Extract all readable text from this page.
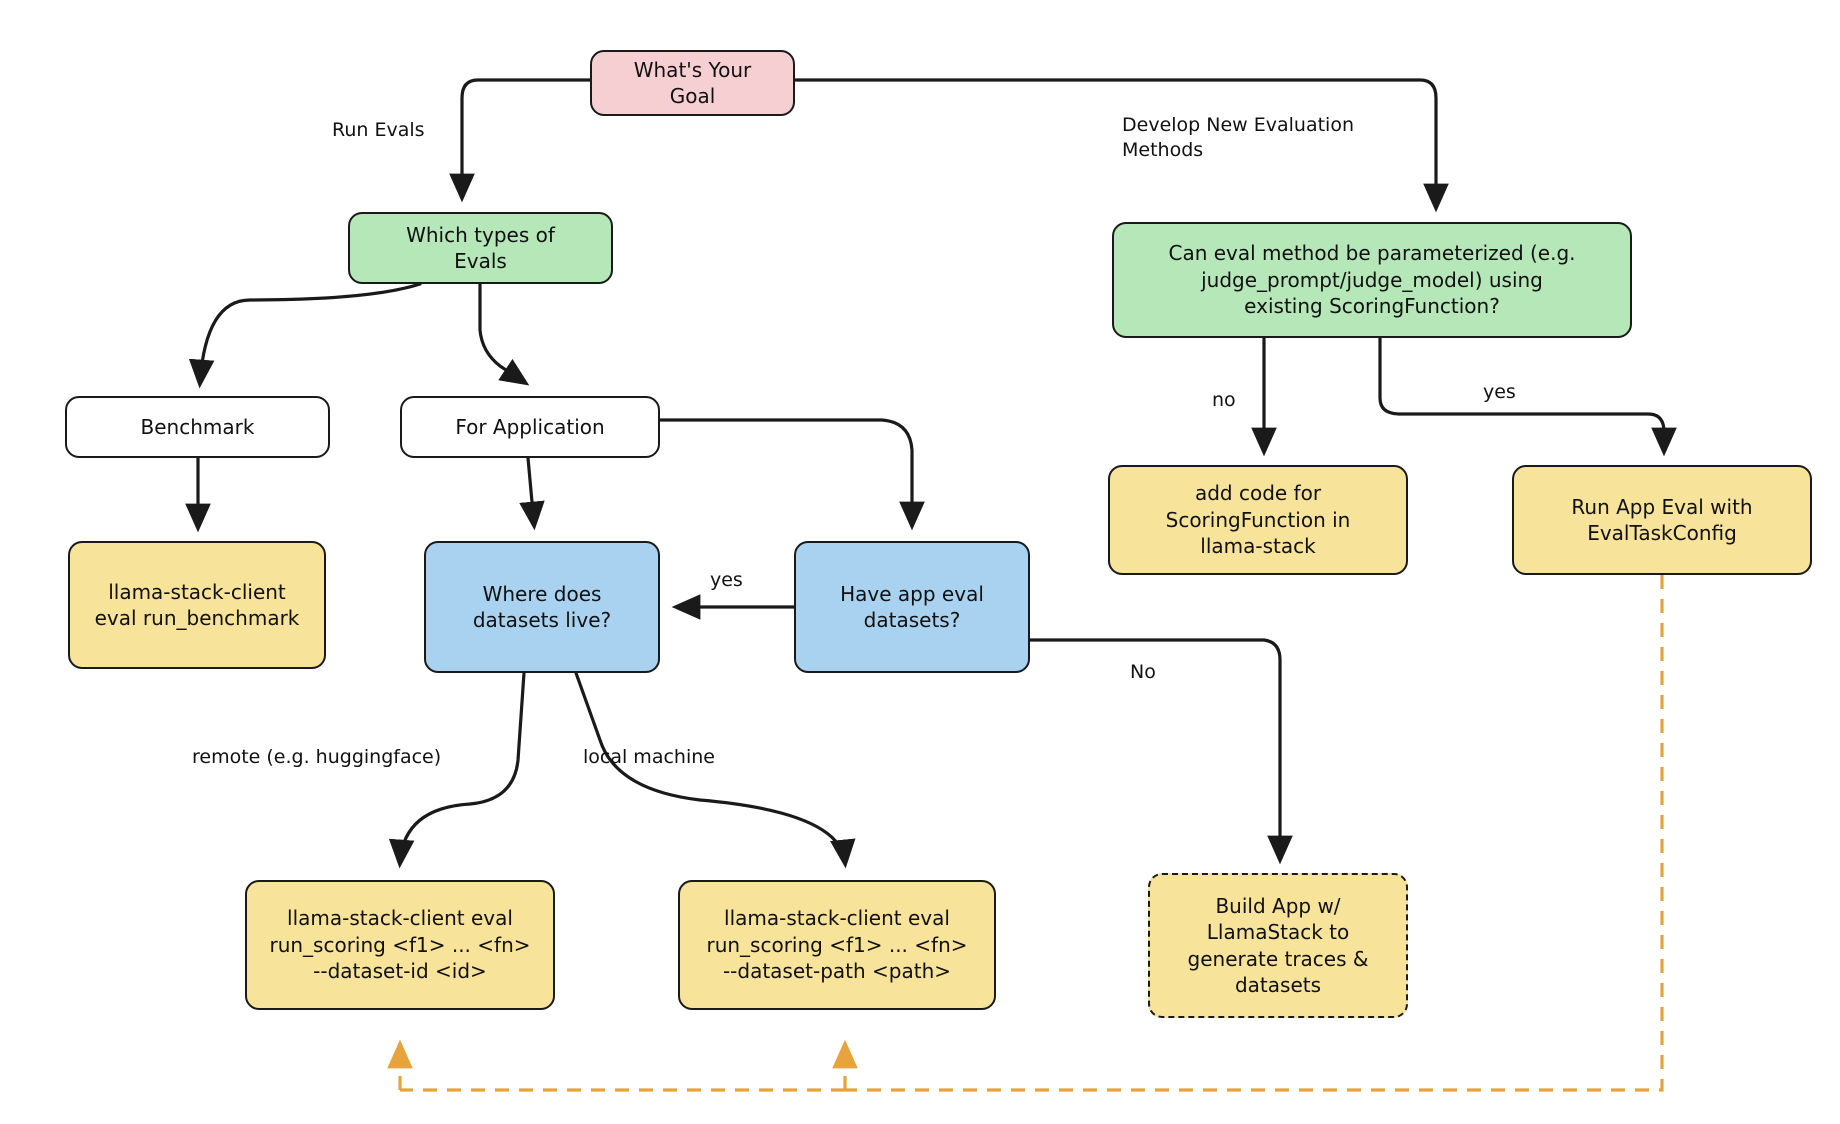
What's Your
Goal
Which types of
Evals	Can eval method be parameterized (e.g.
judge_prompt/judge_model) using
existing ScoringFunction?
Benchmark	For Application
add code for
ScoringFunction in
llama-stack
Run App Eval with
EvalTaskConfig
llama-stack-client
eval run_benchmark
Where does
datasets live?
Have app eval
datasets?
llama-stack-client eval
run_scoring <f1> ... <fn>
--dataset-id <id>
llama-stack-client eval
run_scoring <f1> ... <fn>
--dataset-path <path>
Build App w/
LlamaStack to
generate traces &
datasets
Run Evals	Develop New Evaluation
Methods
no	yes
yes
No
remote (e.g. huggingface)	local machine
